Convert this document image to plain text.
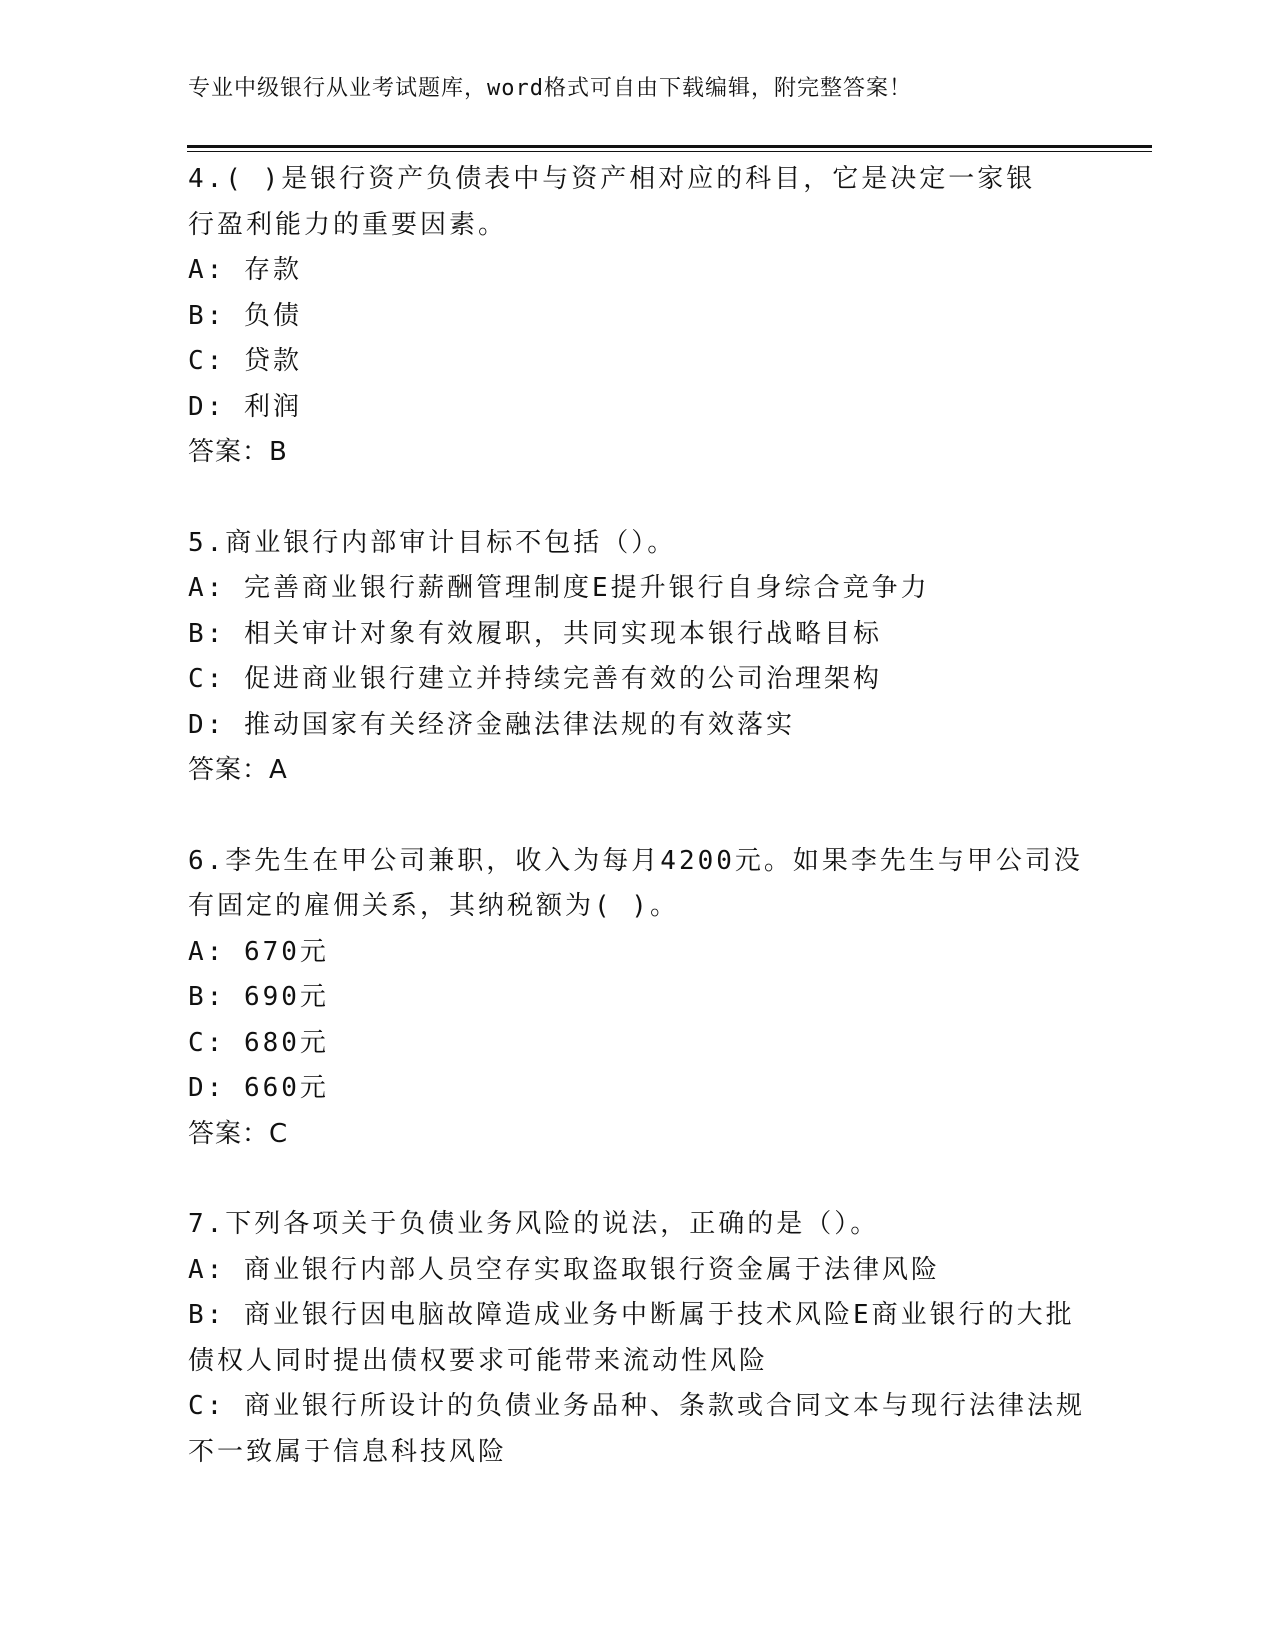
专业中级银行从业考试题库，word格式可自由下载编辑，附完整答案！
4.( )是银行资产负债表中与资产相对应的科目，它是决定一家银
行盈利能力的重要因素。
A: 存款
B: 负债
C: 贷款
D: 利润
答案：B
5.商业银行内部审计目标不包括（）。
A: 完善商业银行薪酬管理制度E提升银行自身综合竞争力
B: 相关审计对象有效履职，共同实现本银行战略目标
C: 促进商业银行建立并持续完善有效的公司治理架构
D: 推动国家有关经济金融法律法规的有效落实
答案：A
6.李先生在甲公司兼职，收入为每月4200元。如果李先生与甲公司没
有固定的雇佣关系，其纳税额为( )。
A: 670元
B: 690元
C: 680元
D: 660元
答案：C
7.下列各项关于负债业务风险的说法，正确的是（）。
A: 商业银行内部人员空存实取盗取银行资金属于法律风险
B: 商业银行因电脑故障造成业务中断属于技术风险E商业银行的大批
债权人同时提出债权要求可能带来流动性风险
C: 商业银行所设计的负债业务品种、条款或合同文本与现行法律法规
不一致属于信息科技风险
